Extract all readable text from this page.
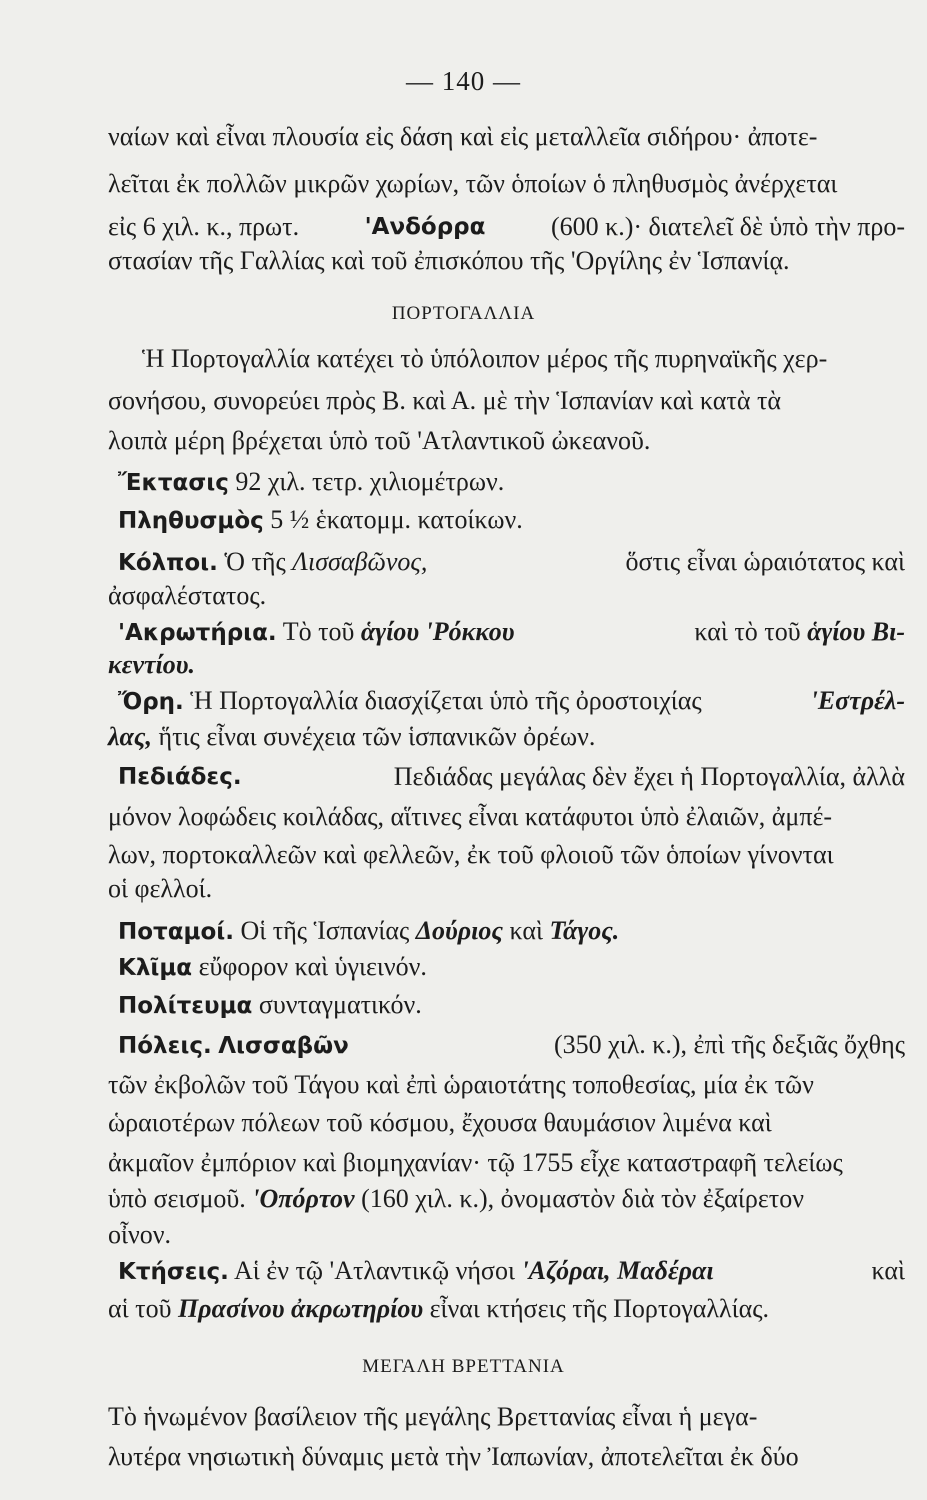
— 140 —
ναίων καὶ εἶναι πλουσία εἰς δάση καὶ εἰς μεταλλεῖα σιδήρου· ἀποτε-
λεῖται ἐκ πολλῶν μικρῶν χωρίων, τῶν ὁποίων ὁ πληθυσμὸς ἀνέρχεται
εἰς 6 χιλ. κ., πρωτ.	'Ανδόρρα	(600 κ.)· διατελεῖ δὲ ὑπὸ τὴν προ-
στασίαν τῆς Γαλλίας καὶ τοῦ ἐπισκόπου τῆς 'Οργίλης ἐν Ἱσπανίᾳ.
ΠΟΡΤΟΓΑΛΛΙΑ
Ἡ Πορτογαλλία κατέχει τὸ ὑπόλοιπον μέρος τῆς πυρηναϊκῆς χερ-
σονήσου, συνορεύει πρὸς Β. καὶ Α. μὲ τὴν Ἱσπανίαν καὶ κατὰ τὰ
λοιπὰ μέρη βρέχεται ὑπὸ τοῦ 'Ατλαντικοῦ ὠκεανοῦ.
Ἔκτασις 92 χιλ. τετρ. χιλιομέτρων.
Πληθυσμὸς 5 ½ ἑκατομμ. κατοίκων.
Κόλποι. Ὁ τῆς Λισσαβῶνος,	ὅστις εἶναι ὡραιότατος καὶ
ἀσφαλέστατος.
'Ακρωτήρια. Τὸ τοῦ ἁγίου 'Ρόκκου	καὶ τὸ τοῦ ἁγίου Βι-
κεντίου.
Ὄρη. Ἡ Πορτογαλλία διασχίζεται ὑπὸ τῆς ὀροστοιχίας	'Εστρέλ-
λας, ἥτις εἶναι συνέχεια τῶν ἱσπανικῶν ὀρέων.
Πεδιάδες.	Πεδιάδας μεγάλας δὲν ἔχει ἡ Πορτογαλλία, ἀλλὰ
μόνον λοφώδεις κοιλάδας, αἵτινες εἶναι κατάφυτοι ὑπὸ ἐλαιῶν, ἀμπέ-
λων, πορτοκαλλεῶν καὶ φελλεῶν, ἐκ τοῦ φλοιοῦ τῶν ὁποίων γίνονται
οἱ φελλοί.
Ποταμοί. Οἱ τῆς Ἱσπανίας Δούριος καὶ Τάγος.
Κλῖμα εὔφορον καὶ ὑγιεινόν.
Πολίτευμα συνταγματικόν.
Πόλεις. Λισσαβῶν	(350 χιλ. κ.), ἐπὶ τῆς δεξιᾶς ὄχθης
τῶν ἐκβολῶν τοῦ Τάγου καὶ ἐπὶ ὡραιοτάτης τοποθεσίας, μία ἐκ τῶν
ὡραιοτέρων πόλεων τοῦ κόσμου, ἔχουσα θαυμάσιον λιμένα καὶ
ἀκμαῖον ἐμπόριον καὶ βιομηχανίαν· τῷ 1755 εἶχε καταστραφῆ τελείως
ὑπὸ σεισμοῦ. 'Οπόρτον (160 χιλ. κ.), ὀνομαστὸν διὰ τὸν ἐξαίρετον
οἶνον.
Κτήσεις. Αἱ ἐν τῷ 'Ατλαντικῷ νήσοι 'Αζόραι, Μαδέραι	καὶ
αἱ τοῦ Πρασίνου ἀκρωτηρίου εἶναι κτήσεις τῆς Πορτογαλλίας.
ΜΕΓΑΛΗ ΒΡΕΤΤΑΝΙΑ
Τὸ ἡνωμένον βασίλειον τῆς μεγάλης Βρεττανίας εἶναι ἡ μεγα-
λυτέρα νησιωτικὴ δύναμις μετὰ τὴν Ἰαπωνίαν, ἀποτελεῖται ἐκ δύο
